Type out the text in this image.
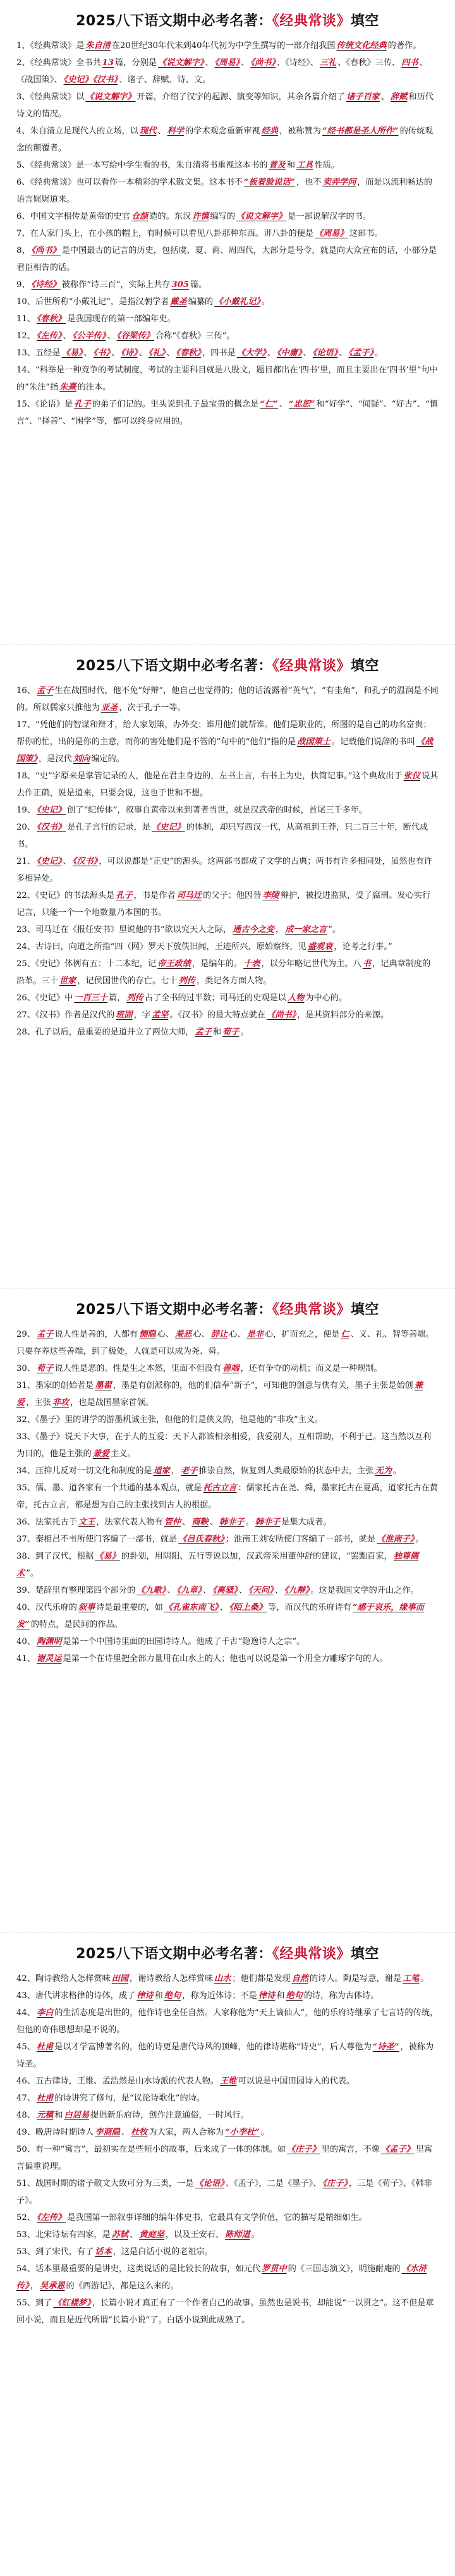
2025八下语文期中必考名著：《经典常谈》填空

1、《经典常谈》是 朱自清 在20世纪30年代末到40年代初为中学生撰写的一部介绍我国 传统文化经典 的著作。

2、《经典常谈》全书共 13 篇，分别是 《说文解字》 、 《周易》 、 《尚书》 、《诗经》、 三礼 、《春秋》三传、 四书 、《战国策》、 《史记》《汉书》 、诸子、辞赋、诗、文。

3、《经典常谈》以 《说文解字》 开篇，介绍了汉字的起源、演变等知识，其余各篇介绍了 诸子百家 、 辞赋 和历代诗文的情况。

4、朱自清立足现代人的立场，以 现代 、 科学 的学术观念重新审视 经典 ，被称赞为 “经书都是圣人所作” 的传统观念的颠覆者。

5、《经典常谈》是一本写给中学生看的书，朱自清将书重视这本书的 普及 和 工具 性质。

6、《经典常谈》也可以看作一本精彩的学术散文集。这本书不 “板着脸说话” ，也不 卖弄学问 ，而是以流利畅达的语言娓娓道来。

6、中国文字相传是黄帝的史官 仓颉 造的。东汉 许慎 编写的 《说文解字》 是一部说解汉字的书。

7、在人家门头上，在小孩的帽上，有时候可以看见八卦那种东西。讲八卦的便是 《周易》 这部书。

8、 《尚书》 是中国最古的记言的历史，包括虞、夏、商、周四代，大部分是号令，就是向大众宣布的话，小部分是君臣相告的话。

9、 《诗经》 被称作“诗三百”，实际上共存 305 篇。

10、后世所称“小戴礼记”，是指汉朝学者 戴圣 编纂的 《小戴礼记》 。

11、 《春秋》 是我国现存的第一部编年史。

12、 《左传》 、 《公羊传》 、 《谷梁传》 合称“《春秋》三传”。

13、五经是 《易》 、 《书》 、 《诗》 、 《礼》 、 《春秋》 ，四书是 《大学》 、 《中庸》 、 《论语》 、 《孟子》 。

14、“科举是一种竞争的考试制度，考试的主要科目就是八股文，题目都出在‘四书’里，而且主要出在‘四书’里”句中的“朱注”指 朱熹 的注本。

15、《论语》是 孔子 的弟子们记的。里头说到孔子最宝贵的概念是 “仁” 、 “忠恕” 和“好学”、“闻疑”、“好古”、“慎言”、“择善”、“困学”等，都可以终身应用的。

2025八下语文期中必考名著：《经典常谈》填空

16、 孟子 生在战国时代，他不免“好辩”，他自己也觉得的；他的话流露着“英气”，“有圭角”，和孔子的温润是不同的。所以儒家只推他为 亚圣 ，次于孔子一等。

17、“凭他们的智谋和辩才，给人家划策，办外交；谁用他们就帮谁。他们是职业的，所图的是自己的功名富贵；帮你的忙，出的是你的主意，而你的害处他们是不管的”句中的“他们”指的是 战国策士 。记载他们说辞的书叫 《战国策》 ，是汉代 刘向 编定的。

18、“史”字原来是掌管记录的人，他是在君主身边的，左书上言，右书上为史，执简记事。”这个典故出于 张仪 说其去作正确，说是道来，只要会说，这也于世和不想。

19、 《史记》 创了“纪传体”，叙事自黄帝以来到著者当世，就是汉武帝的时候，首尾三千多年。

20、 《汉书》 是孔子言行的记录，是 《史记》 的体制，却只写西汉一代，从高祖到王莽，只二百三十年，断代成书。

21、 《史记》 、 《汉书》 ，可以说都是“正史”的源头。这两部书都成了文学的古典；两书有许多相同处，虽然也有许多相异处。

22、《史记》的书法源头是 孔子 ，书是作者 司马迁 的父子；他因替 李陵 辩护，被投进监狱，受了腐刑。发心实行记言，只能一个一个地数量乃本国的书。

23、司马迁在《报任安书》里说他的书“欲以究天人之际， 通古今之变 ， 成一家之言 ”。

24、古诗曰，向道之所指“四（网）罗天下放佚旧闻，王迹所兴，原始察终，见 盛观衰 ，论考之行事。”

25、《史记》体例有五：十二本纪，记 帝王政绩 ，是编年的。 十表 ，以分年略记世代为主。八 书 ，记典章制度的沿革。三十 世家 ，记侯国世代的存亡。七十 列传 ，类记各方面人物。

26、《史记》中 一百三十 篇， 列传 占了全书的过半数；司马迁的史观是以 人物 为中心的。

27、《汉书》作者是汉代的 班固 ，字 孟坚 。《汉书》的最大特点就在 《尚书》 ，是其资料部分的来源。

28、孔子以后，最重要的是道并立了两位大师， 孟子 和 荀子 。

2025八下语文期中必考名著：《经典常谈》填空

29、 孟子 说人性是善的，人都有 恻隐 心、 羞恶 心、 辞让 心、 是非 心，扩而充之，便是 仁 、义、礼、智等善端。只要存养这些善端，到了极处，人就是可以成为尧、舜。

30、 荀子 说人性是恶的。性是生之本然，里面不但没有 善端 ，还有争夺的动机；而义是一种规制。

31、墨家的创始者是 墨翟 ，墨是有创派称的，他的们信奉“新子”，可知他的创意与侠有关，墨子主张是始创 兼爱 ，主张 非攻 ，也是战国墨家首领。

32、《墨子》里的讲学的游墨机诚主张，但他的们是侠义的，他是他的“非攻”主义。

33、《墨子》说天下大事，在于人的互爱：天下人都该相亲相爱，我爱别人，互相帮助，不利于己。这当然以互利为目的，他是主张的 兼爱 主义。

34、压抑儿反对一切文化和制度的是 道家 ， 老子 推崇自然，恢复到人类最原始的状态中去，主张 无为 。

35、儒、墨、道各家有一个共通的基本观点，就是 托古立言 ：儒家托古在尧、舜，墨家托古在夏禹，道家托古在黄帝，托古立言，都是想为自己的主张找到古人的根据。

36、法家托古于 文王 ，法家代表人物有 管仲 、 商鞅 、 韩非子 。 韩非子 是集大成者。

37、秦相吕不韦所使门客编了一部书，就是 《吕氏春秋》 ；淮南王刘安所使门客编了一部书，就是 《淮南子》 。

38、到了汉代，根据 《易》 的卦划，用阴阳、五行等说以加，汉武帝采用董仲舒的建议，“罢黜百家， 独尊儒术 ”。

39、楚辞里有整理第四个部分的 《九歌》 、 《九章》 、 《离骚》 、 《天问》 、 《九辩》 。这是我国文学的开山之作。

40、汉代乐府的 叙事 诗是最重要的，如 《孔雀东南飞》 、 《陌上桑》 等，而汉代的乐府诗有 “感于哀乐，缘事而发” 的特点，是民间的作品。

40、 陶渊明 是第一个中国诗里面的田园诗诗人。他成了千古“隐逸诗人之宗”。

41、 谢灵运 是第一个在诗里把全部力量用在山水上的人；他也可以说是第一个用全力雕琢字句的人。

2025八下语文期中必考名著：《经典常谈》填空

42、陶诗教给人怎样赏味 田园 ，谢诗教给人怎样赏味 山水 ；他们都是发现 自然 的诗人。陶是写意，谢是 工笔 。

43、唐代讲求格律的诗体，成了 律诗 和 绝句 ，称为近体诗；不是 律诗 和 绝句 的诗，称为古体诗。

44、 李白 的生活态度是出世的，他作诗也全任自然。人家称他为“天上谪仙人”，他的乐府诗继承了七言诗的传统，但他的奇伟思想却是不说的。

45、 杜甫 是以才学富博著名的，他的诗更是唐代诗风的顶峰，他的律诗堪称“诗史”，后人尊他为 “诗圣” ，被称为诗圣。

46、五古律诗，王维、孟浩然是山水诗派的代表人物。 王维 可以说是中国田园诗人的代表。

47、 杜甫 的诗讲究了修句，是“议论诗歌化”的诗。

48、 元稹 和 白居易 提倡新乐府诗，创作注意通俗，一时风行。

49、晚唐诗时期诗人 李商隐 、 杜牧 为大家，两人合称为 “小李杜” 。

50、有一种“寓言”，最初实在是些短小的故事，后来成了一体的体制。如 《庄子》 里的寓言，不像 《孟子》 里寓言偏重说理。

51、战国时期的诸子散文大致可分为三类，一是 《论语》 、《孟子》，二是《墨子》、 《庄子》 ，三是《荀子》、《韩非子》。

52、 《左传》 是我国第一部叙事详细的编年体史书，它最具有文学价值，它的描写是精细如生。

53、北宋诗坛有四家，是 苏轼 、 黄庭坚 ，以及王安石、 陈师道 。

53、到了宋代，有了 话本 ，这是白话小说的老祖宗。

54、话本里最重要的是讲史，这类说话的是比较长的故事，如元代 罗贯中 的《三国志演义》，明施耐庵的 《水浒传》 ， 吴承恩 的《西游记》，都是这么来的。

55、到了 《红楼梦》 ，长篇小说才真正有了一个作者自己的故事。虽然也是说书，却能说“一以贯之”。这不但是章回小说，而且是近代所谓“长篇小说”了。白话小说到此成熟了。
